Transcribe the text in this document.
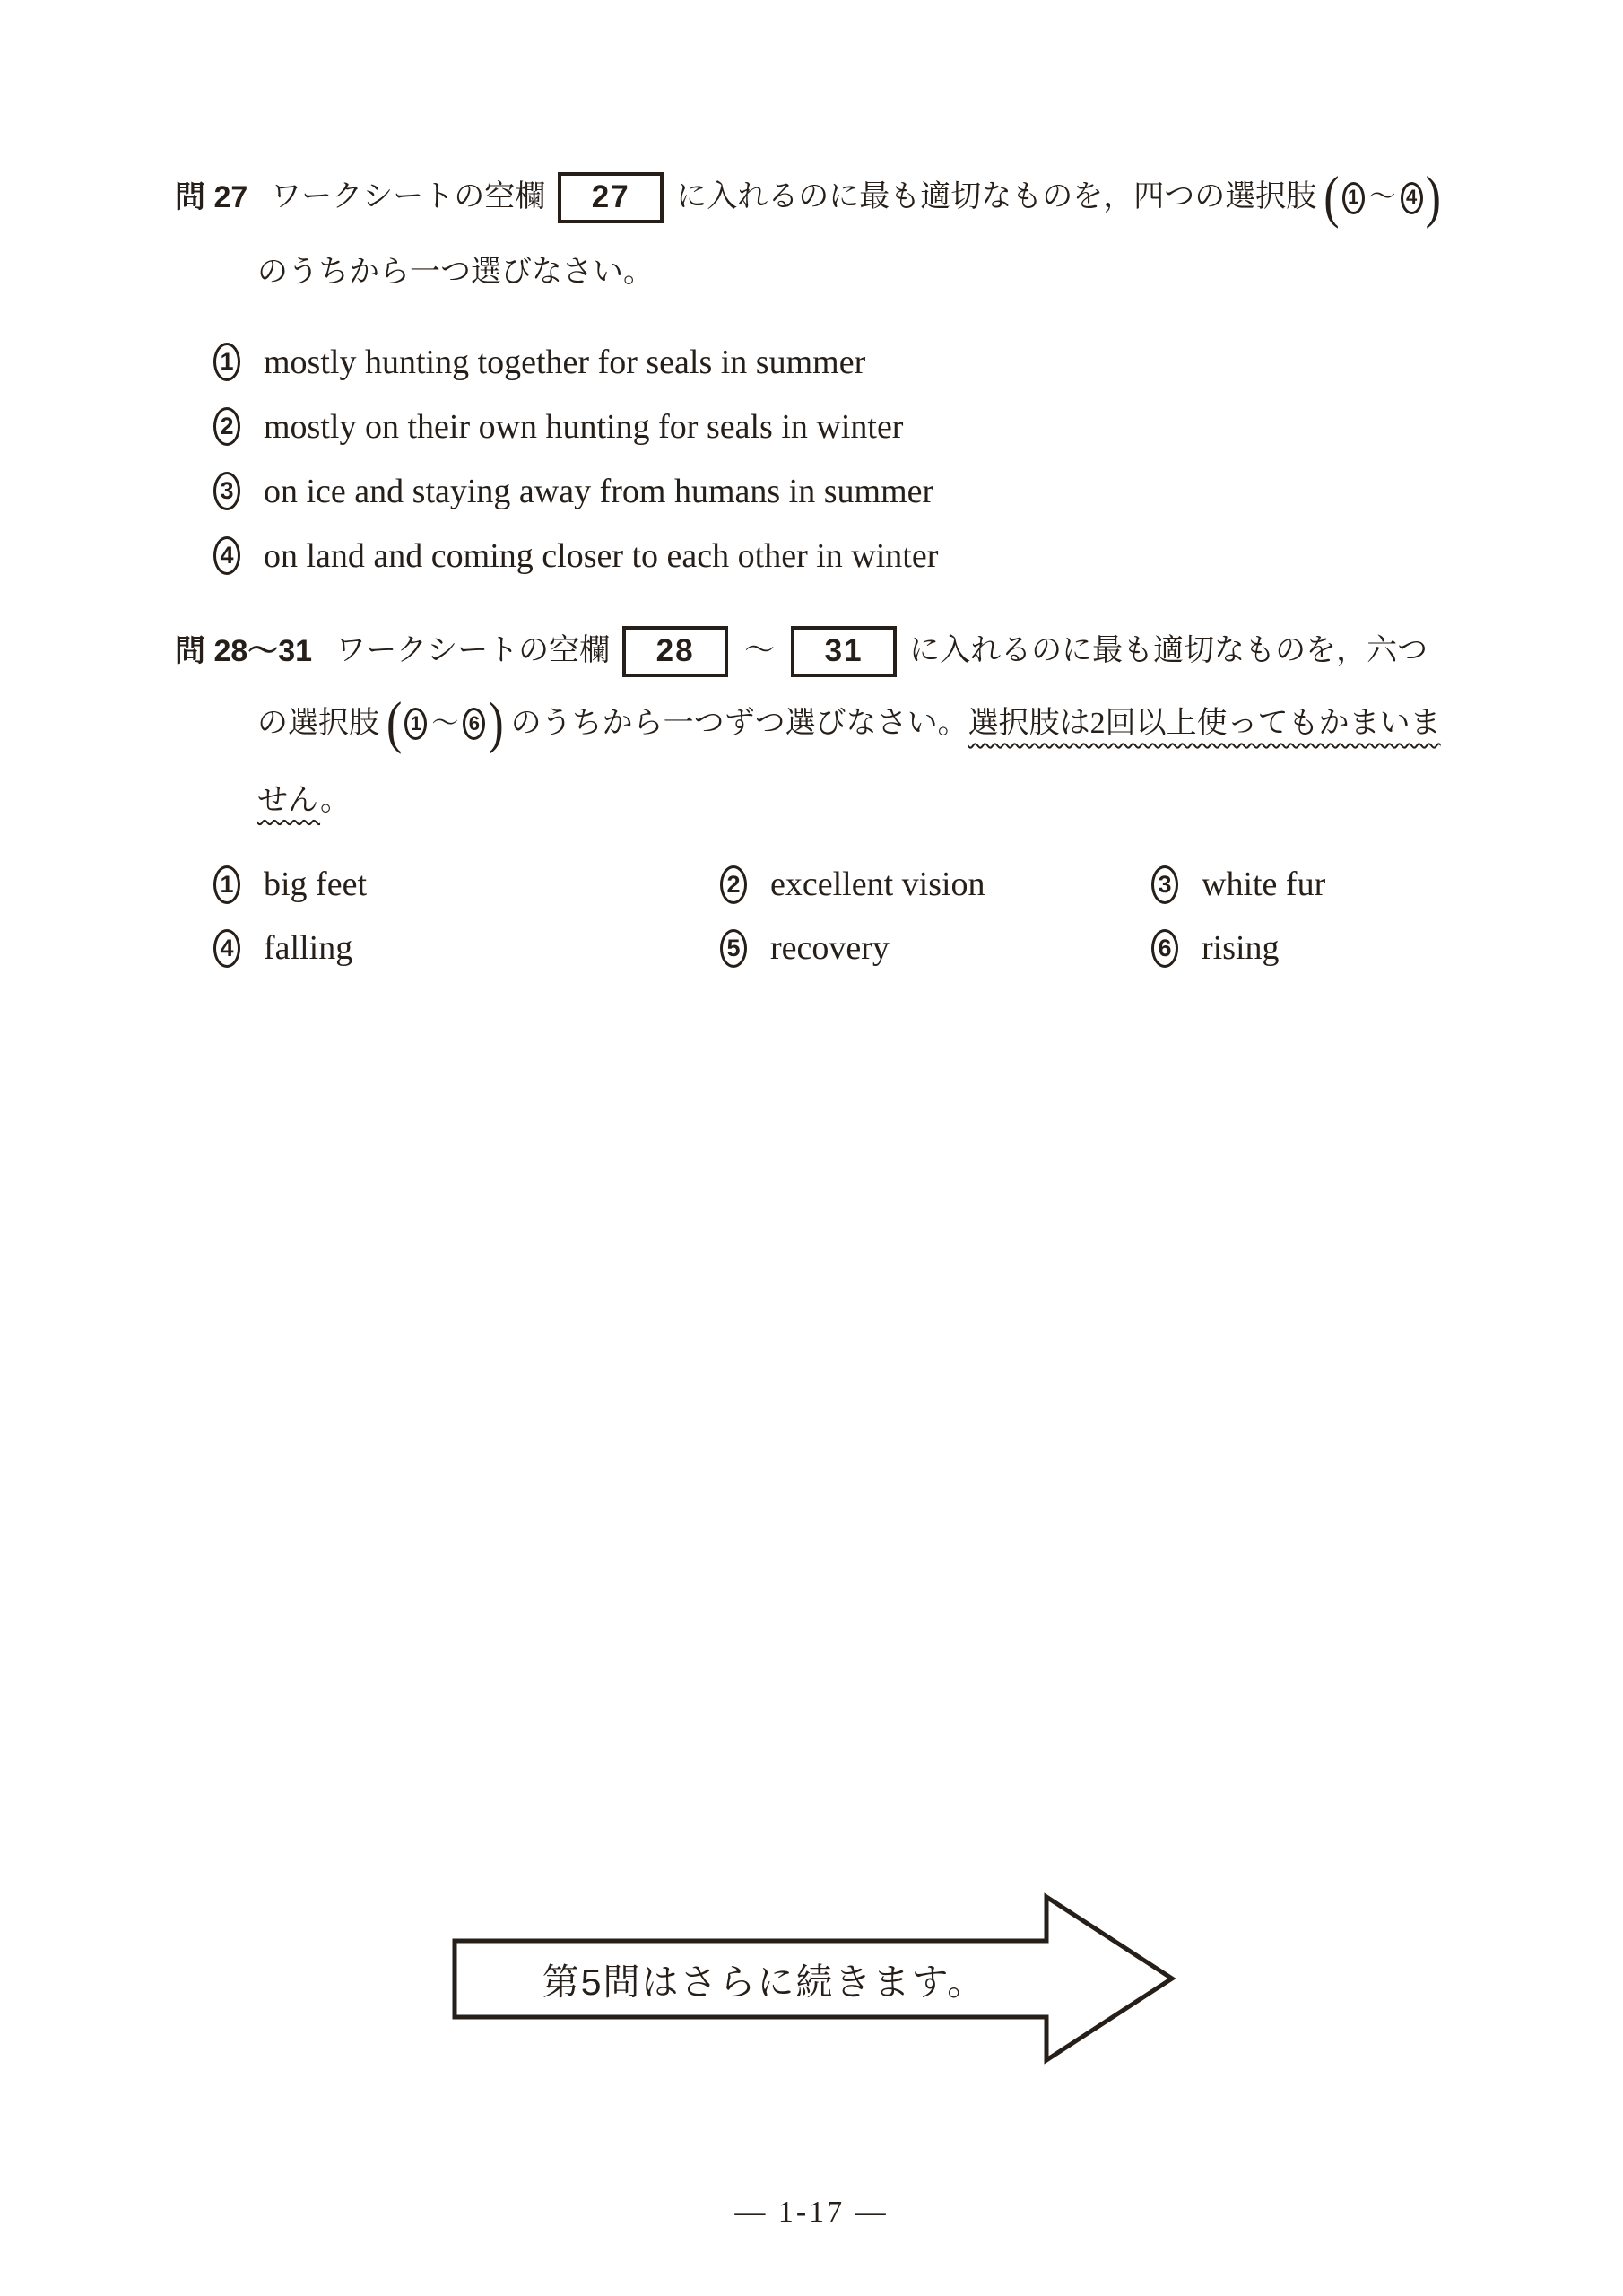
問 27 ワークシートの空欄	27	に入れるのに最も適切なものを，四つの選択肢 ( 1 〜 4 )
のうちから一つ選びなさい。
1 mostly hunting together for seals in summer
2 mostly on their own hunting for seals in winter
3 on ice and staying away from humans in summer
4 on land and coming closer to each other in winter
問 28〜31 ワークシートの空欄	28	〜	31	に入れるのに最も適切なものを，六つ
の選択肢 ( 1 〜 6 ) のうちから一つずつ選びなさい。 選択肢は2回以上使ってもかまいま
せん。
1 big feet	2 excellent vision	3 white fur
4 falling	5 recovery	6 rising
第5問はさらに続きます。
— 1-17 —
